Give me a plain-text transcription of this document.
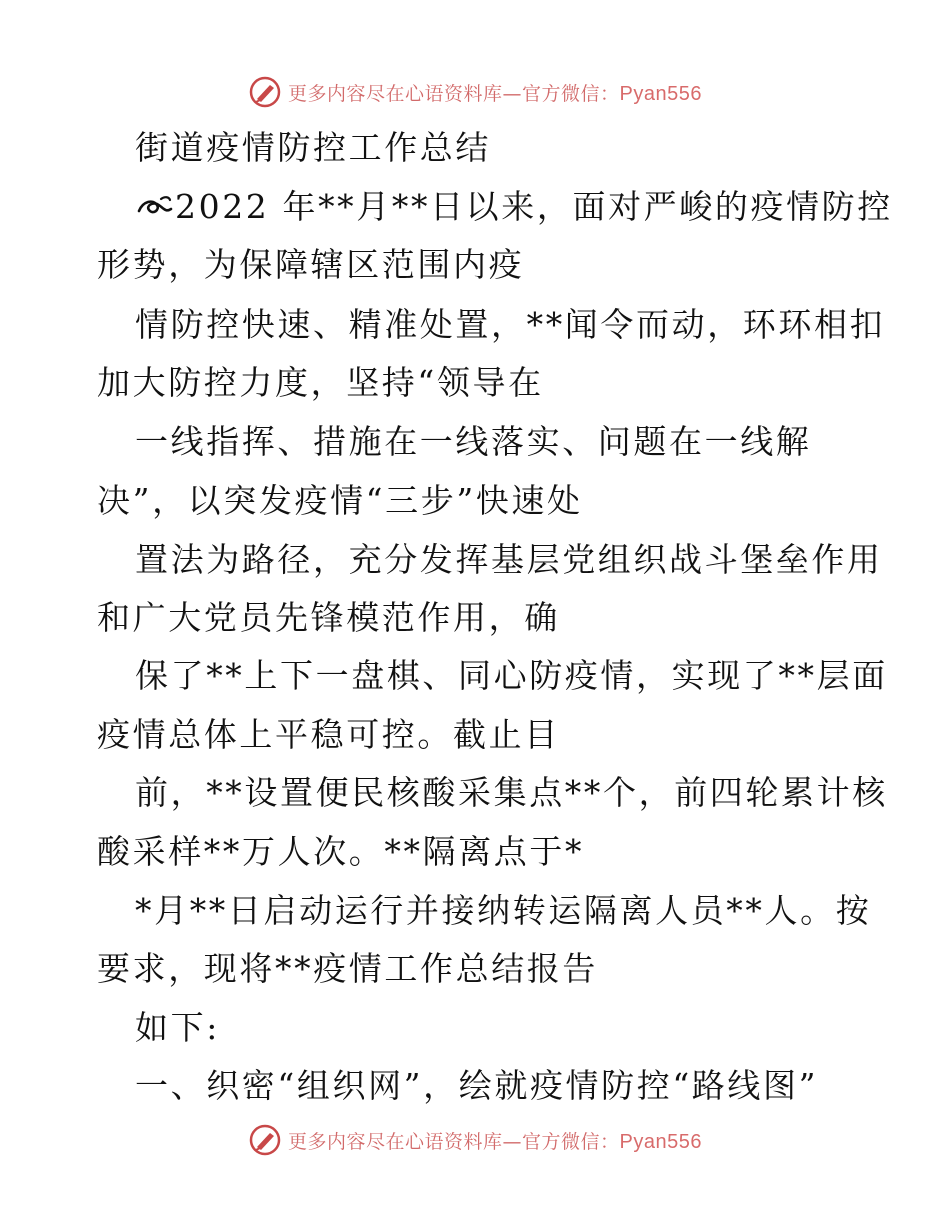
更多内容尽在心语资料库—官方微信：Pyan556
街道疫情防控工作总结
2022 年**月**日以来，面对严峻的疫情防控
形势，为保障辖区范围内疫
情防控快速、精准处置，**闻令而动，环环相扣
加大防控力度，坚持“领导在
一线指挥、措施在一线落实、问题在一线解
决”，以突发疫情“三步”快速处
置法为路径，充分发挥基层党组织战斗堡垒作用
和广大党员先锋模范作用，确
保了**上下一盘棋、同心防疫情，实现了**层面
疫情总体上平稳可控。截止目
前，**设置便民核酸采集点**个，前四轮累计核
酸采样**万人次。**隔离点于*
*月**日启动运行并接纳转运隔离人员**人。按
要求，现将**疫情工作总结报告
如下:
一、织密“组织网”，绘就疫情防控“路线图”
更多内容尽在心语资料库—官方微信：Pyan556
